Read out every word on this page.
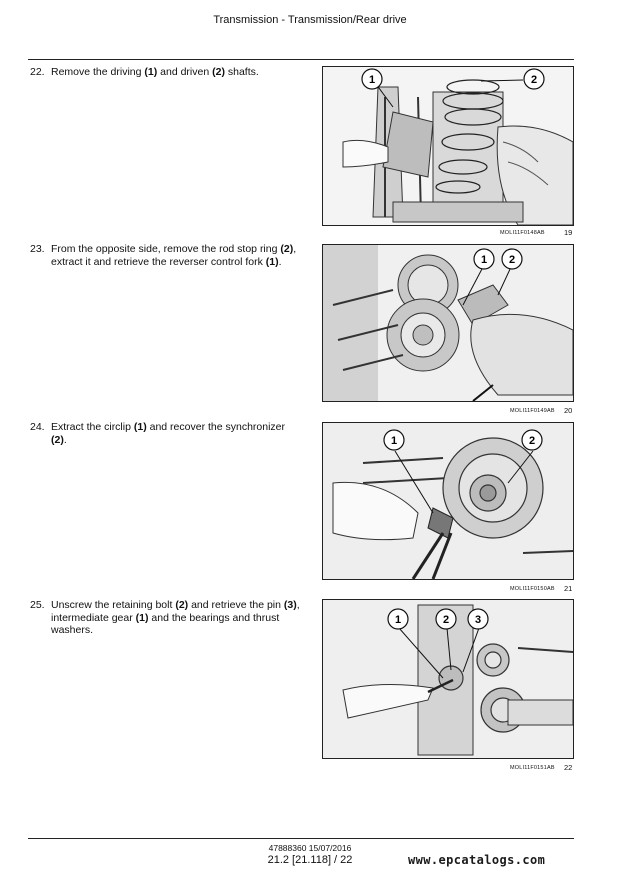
Transmission - Transmission/Rear drive
22. Remove the driving (1) and driven (2) shafts.
1	2
MOLI11F0148AB	19
23. From the opposite side, remove the rod stop ring (2), extract it and retrieve the reverser control fork (1).	1 2
MOLI11F0149AB 20
24. Extract the circlip (1) and recover the synchronizer (2).	1	2
MOLI11F0150AB 21
25. Unscrew the retaining bolt (2) and retrieve the pin (3), intermediate gear (1) and the bearings and thrust washers.
1	2 3
MOLI11F0151AB 22
47888360 15/07/2016
21.2 [21.118] / 22	www.epcatalogs.com
